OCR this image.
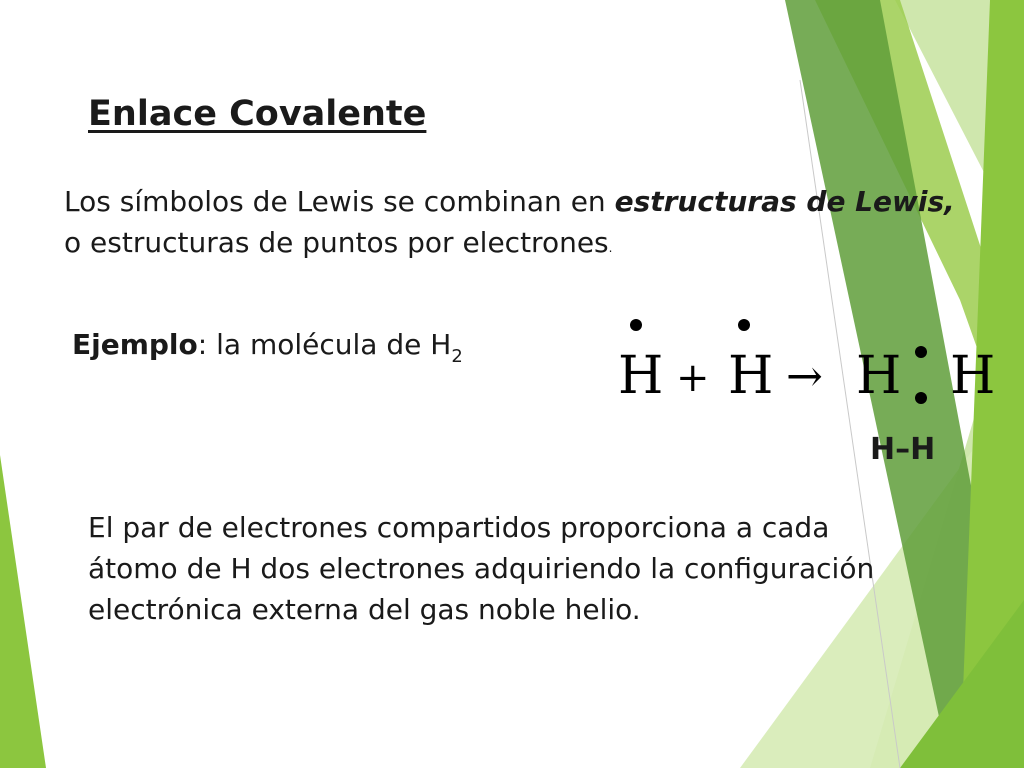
Enlace Covalente
Los símbolos de Lewis se combinan en estructuras de Lewis, o estructuras de puntos por electrones.
Ejemplo: la molécula de $H_2$	H + H → H H
H–H
El par de electrones compartidos proporciona a cada átomo de H dos electrones adquiriendo la configuración electrónica externa del gas noble helio.
